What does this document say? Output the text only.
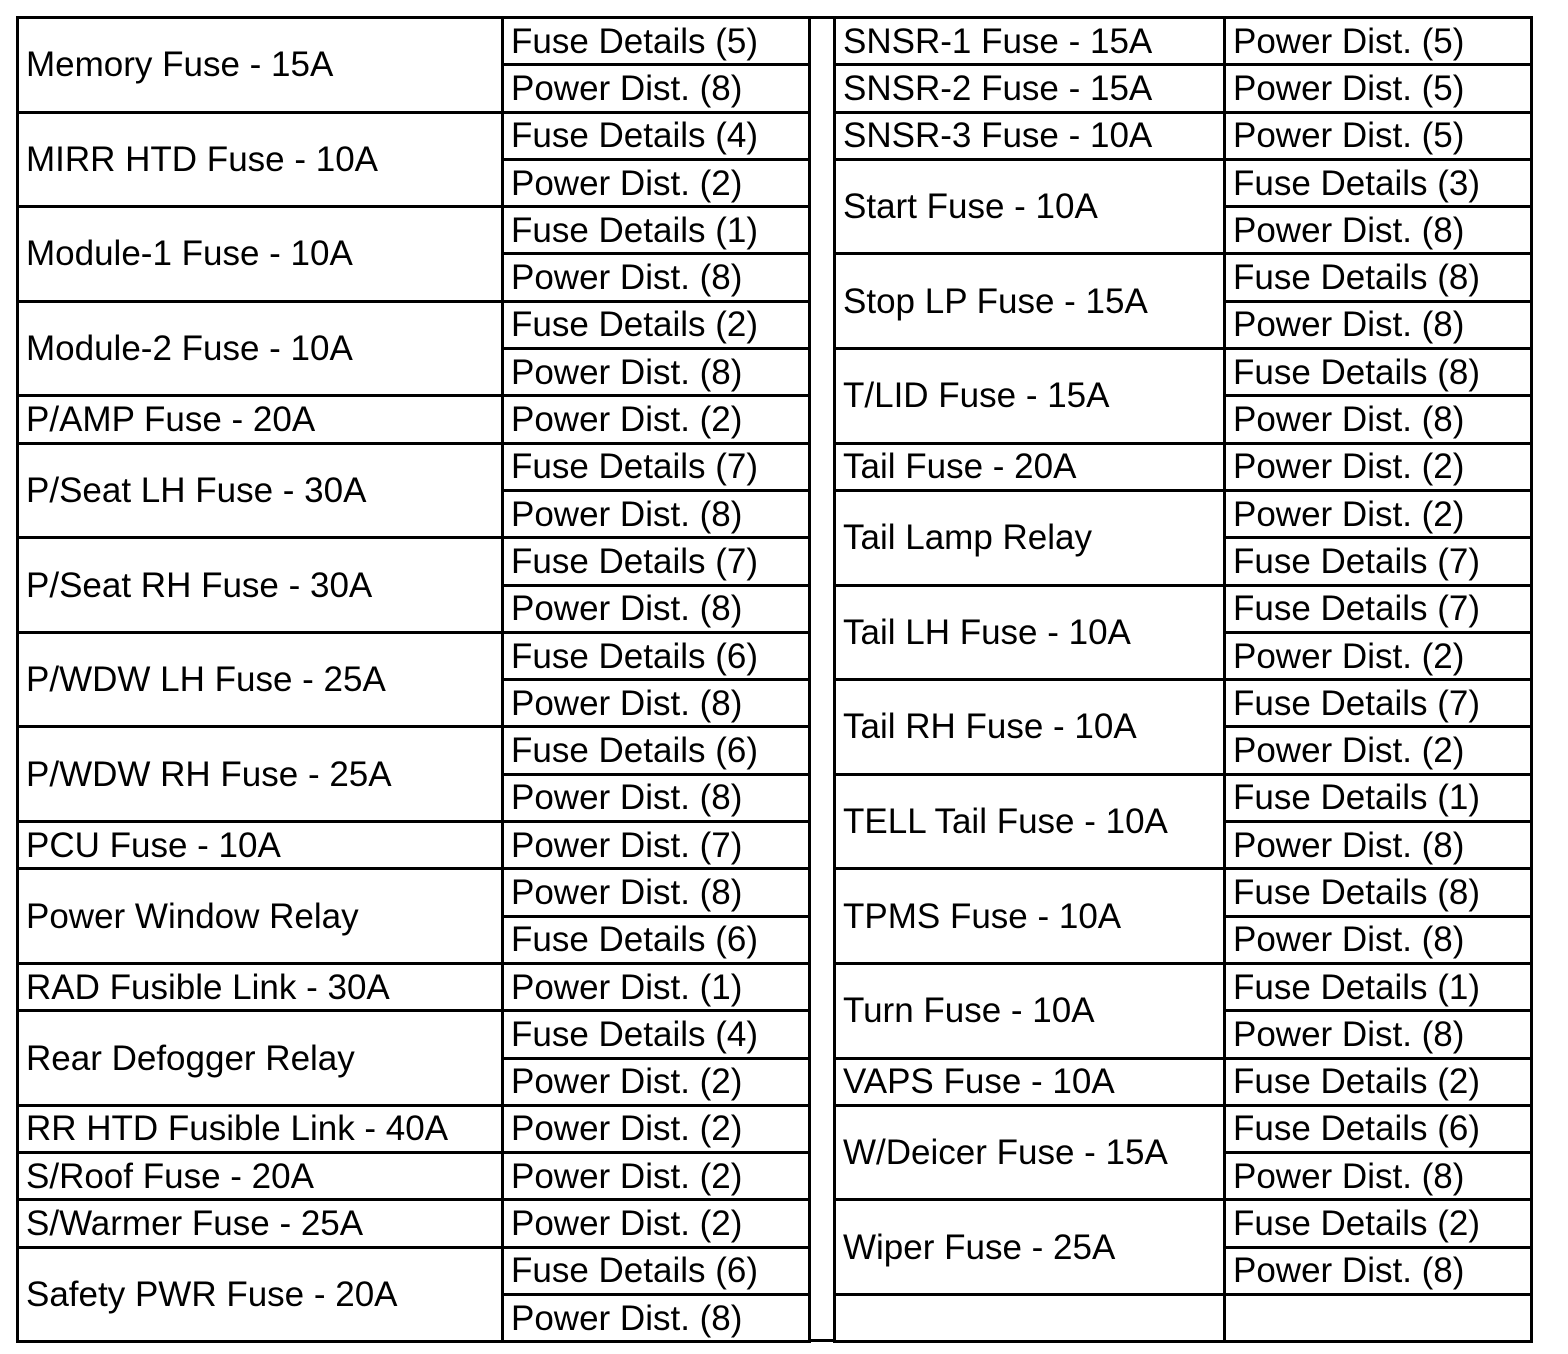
Memory Fuse - 15A	Fuse Details (5)
	Power Dist. (8)
MIRR HTD Fuse - 10A	Fuse Details (4)
	Power Dist. (2)
Module-1 Fuse - 10A	Fuse Details (1)
	Power Dist. (8)
Module-2 Fuse - 10A	Fuse Details (2)
	Power Dist. (8)
P/AMP Fuse - 20A	Power Dist. (2)
P/Seat LH Fuse - 30A	Fuse Details (7)
	Power Dist. (8)
P/Seat RH Fuse - 30A	Fuse Details (7)
	Power Dist. (8)
P/WDW LH Fuse - 25A	Fuse Details (6)
	Power Dist. (8)
P/WDW RH Fuse - 25A	Fuse Details (6)
	Power Dist. (8)
PCU Fuse - 10A	Power Dist. (7)
Power Window Relay	Power Dist. (8)
	Fuse Details (6)
RAD Fusible Link - 30A	Power Dist. (1)
Rear Defogger Relay	Fuse Details (4)
	Power Dist. (2)
RR HTD Fusible Link - 40A	Power Dist. (2)
S/Roof Fuse - 20A	Power Dist. (2)
S/Warmer Fuse - 25A	Power Dist. (2)
Safety PWR Fuse - 20A	Fuse Details (6)
	Power Dist. (8)
SNSR-1 Fuse - 15A	Power Dist. (5)
SNSR-2 Fuse - 15A	Power Dist. (5)
SNSR-3 Fuse - 10A	Power Dist. (5)
Start Fuse - 10A	Fuse Details (3)
	Power Dist. (8)
Stop LP Fuse - 15A	Fuse Details (8)
	Power Dist. (8)
T/LID Fuse - 15A	Fuse Details (8)
	Power Dist. (8)
Tail Fuse - 20A	Power Dist. (2)
Tail Lamp Relay	Power Dist. (2)
	Fuse Details (7)
Tail LH Fuse - 10A	Fuse Details (7)
	Power Dist. (2)
Tail RH Fuse - 10A	Fuse Details (7)
	Power Dist. (2)
TELL Tail Fuse - 10A	Fuse Details (1)
	Power Dist. (8)
TPMS Fuse - 10A	Fuse Details (8)
	Power Dist. (8)
Turn Fuse - 10A	Fuse Details (1)
	Power Dist. (8)
VAPS Fuse - 10A	Fuse Details (2)
W/Deicer Fuse - 15A	Fuse Details (6)
	Power Dist. (8)
Wiper Fuse - 25A	Fuse Details (2)
	Power Dist. (8)
